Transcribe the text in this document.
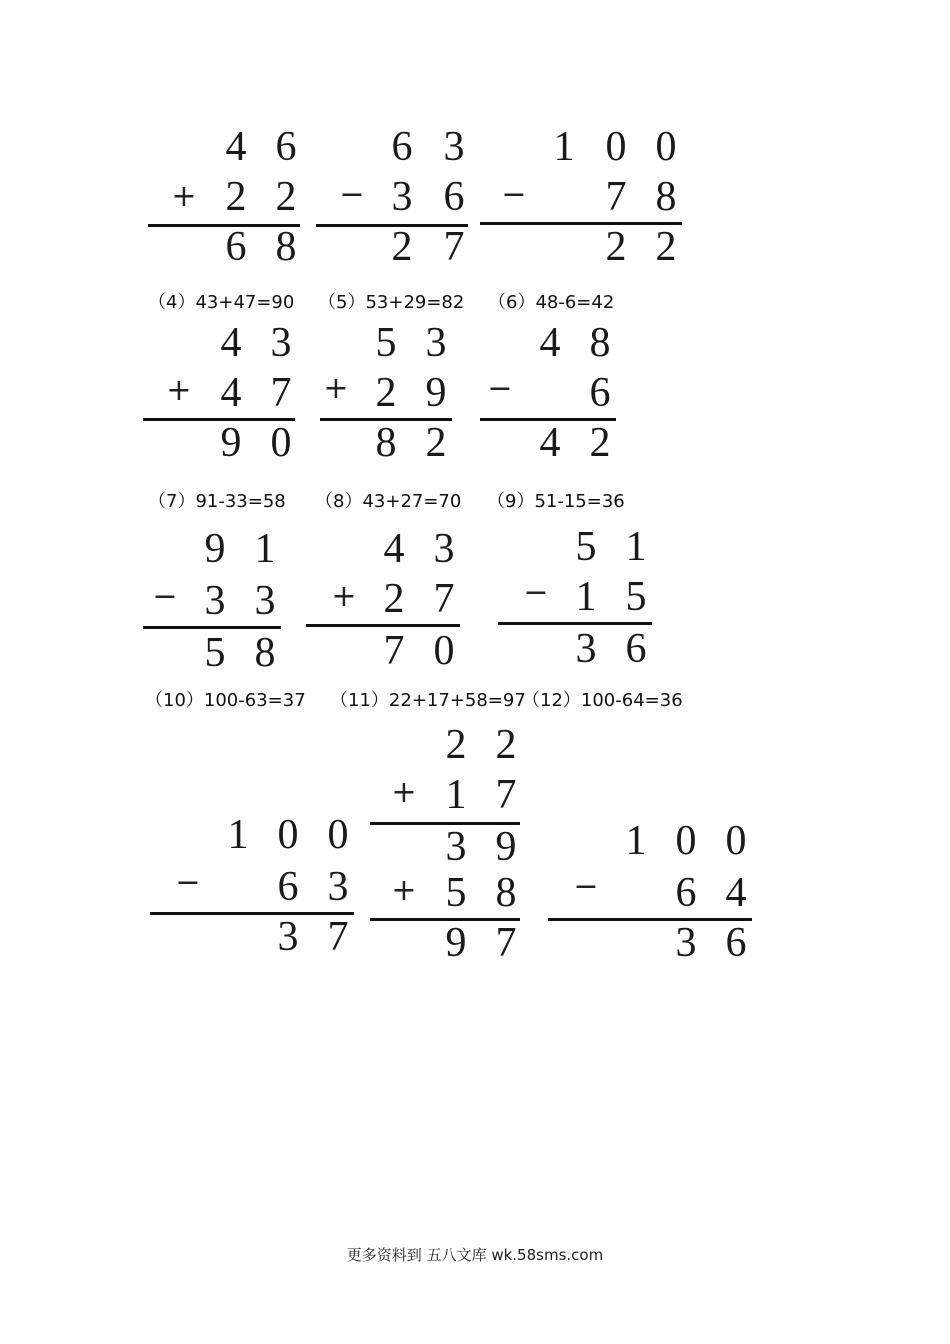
（4）43+47=90 （5）53+29=82 （6）48-6=42
（7）91-33=58 （8）43+27=70 （9）51-15=36
（10）100-63=37 （11）22+17+58=97
（12）100-64=36
4 6
+ 2 2
6 8
6 3
− 3 6
2 7
1 0 0
−	7 8
2 2
4 3
+ 4 7
9 0
5 3
+ 2 9
8 2
4 8
−	6
4 2
9 1
− 3 3
5 8
4 3
+ 2 7
7 0
5 1
− 1 5
3 6
1 0 0
−	6 3
3 7
2 2
+ 1 7
3 9
+ 5 8
9 7
1 0 0
−	6 4
3 6
更多资料到 五八文库 wk.58sms.com
